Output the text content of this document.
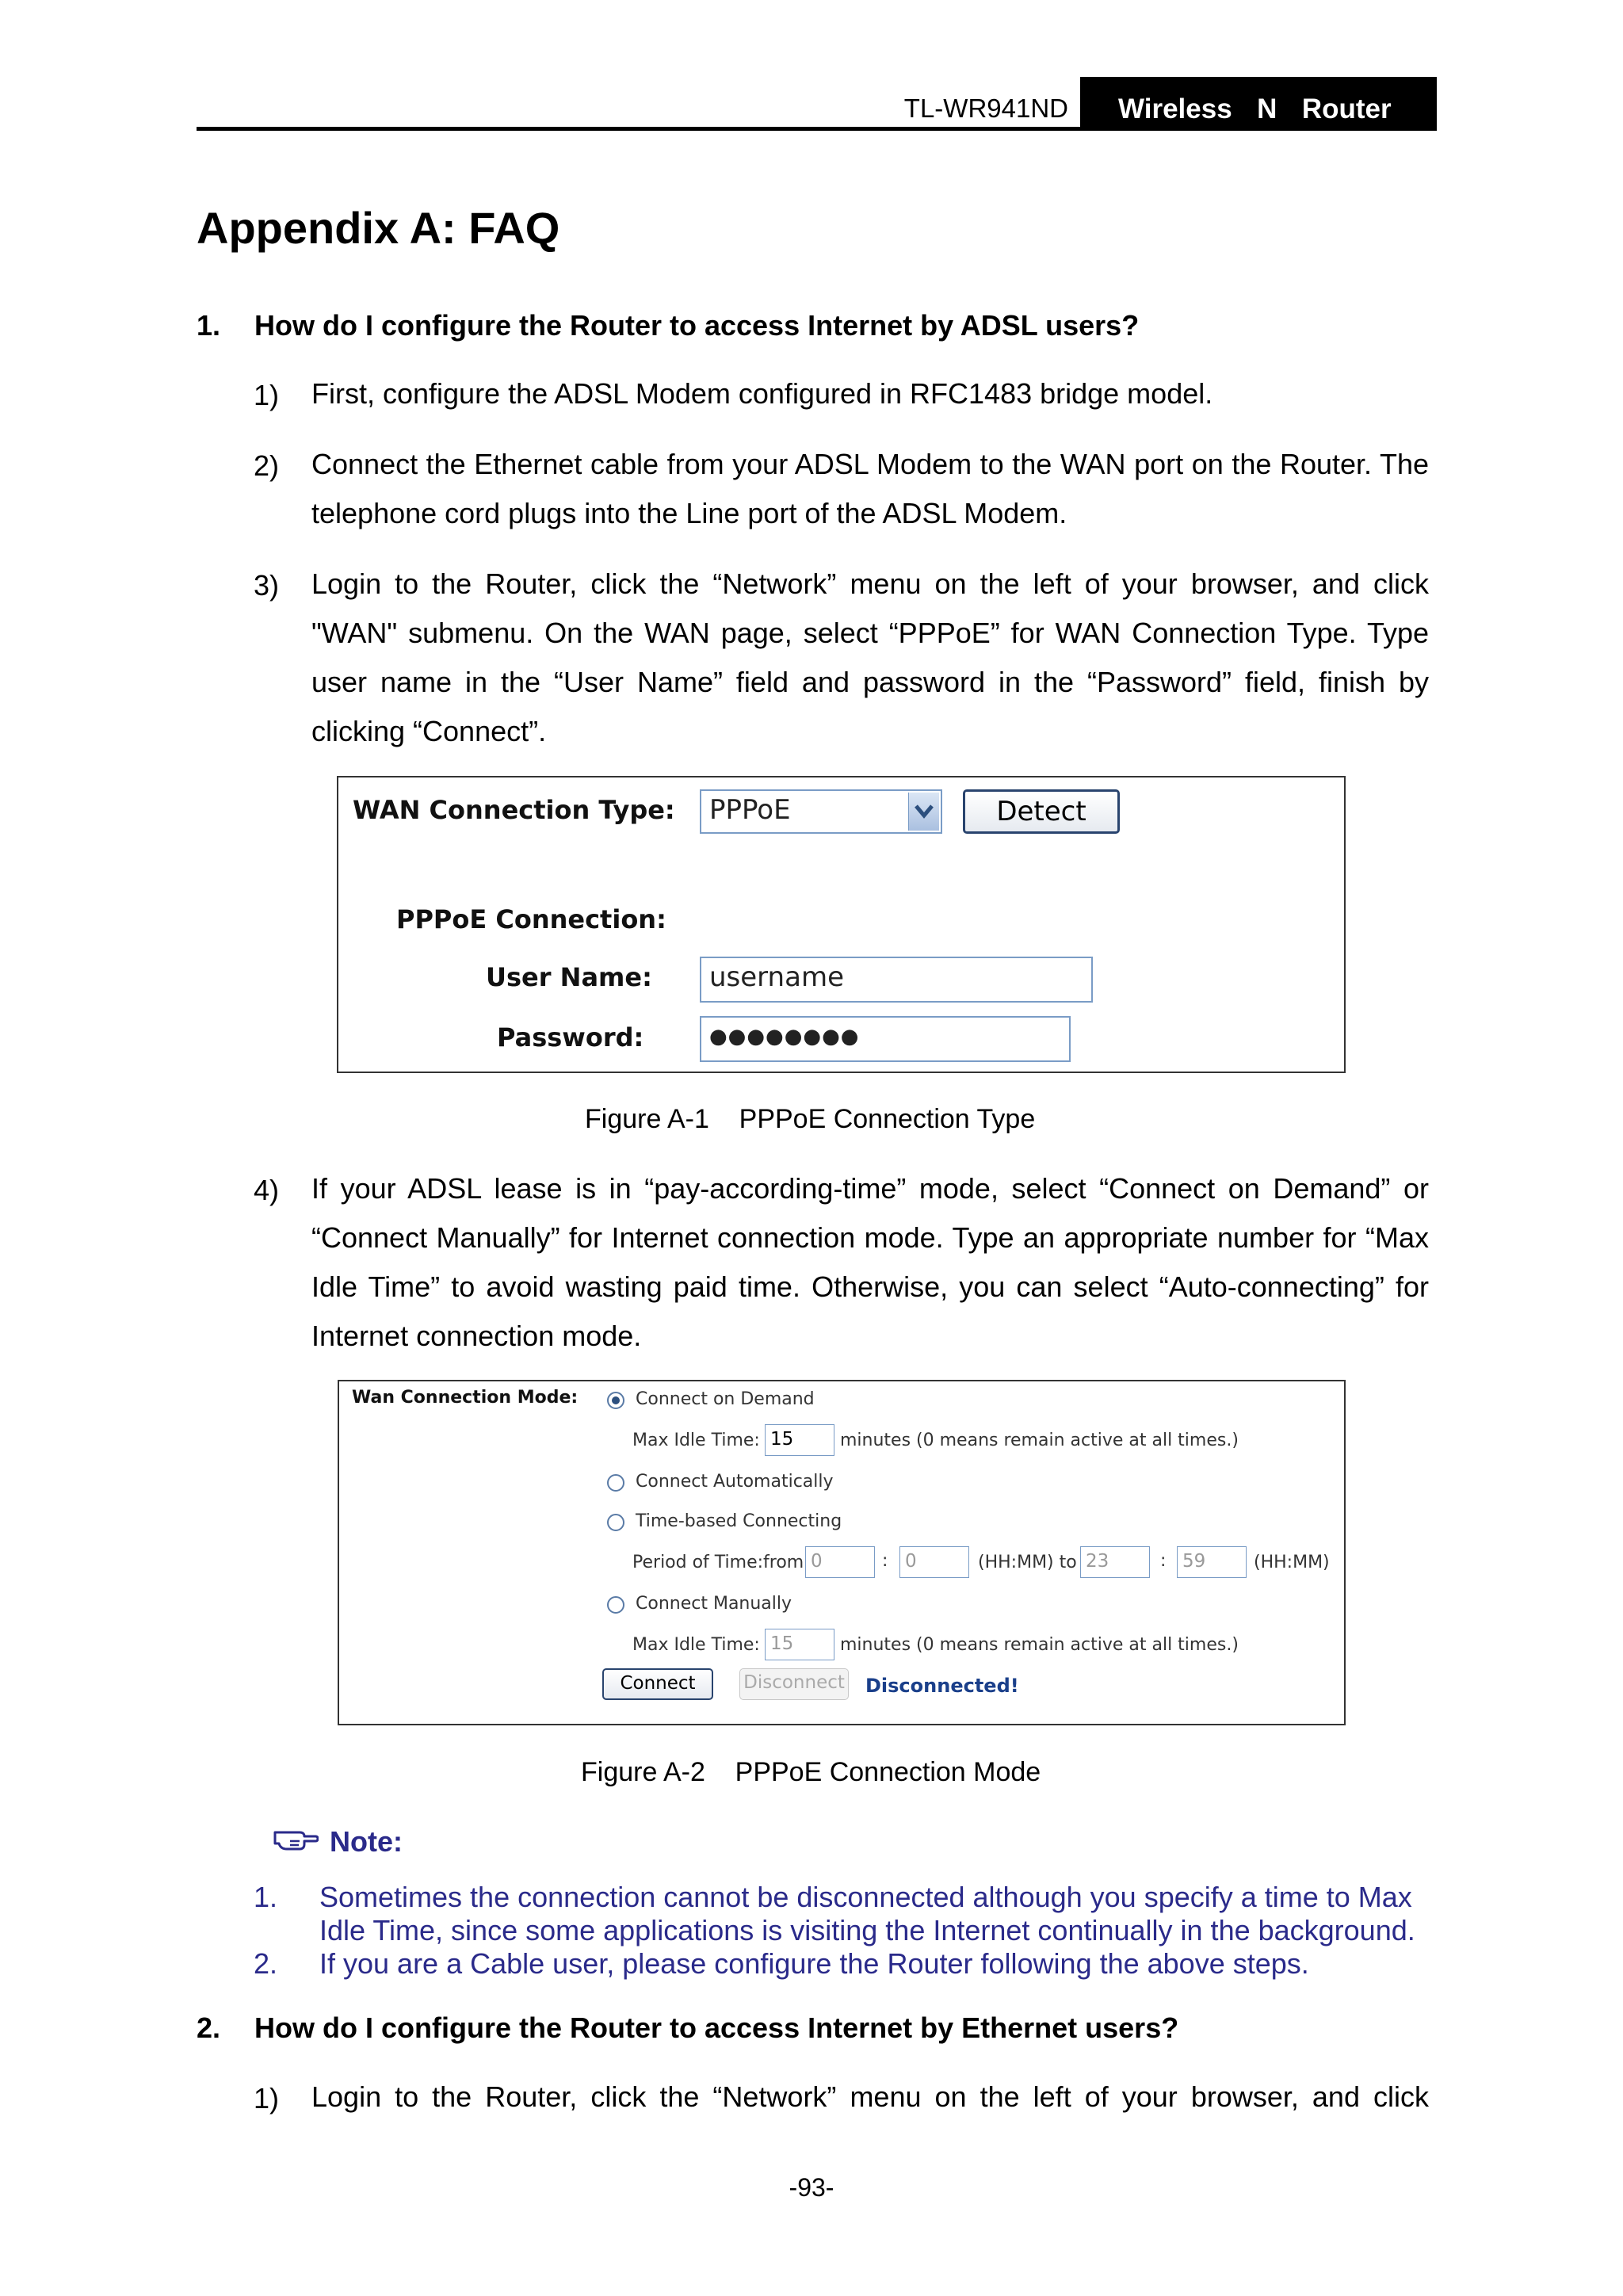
TL-WR941ND Wireless  N  Router
Appendix A: FAQ
1. How do I configure the Router to access Internet by ADSL users?
1) First, configure the ADSL Modem configured in RFC1483 bridge model.
2) Connect the Ethernet cable from your ADSL Modem to the WAN port on the Router. The telephone cord plugs into the Line port of the ADSL Modem.
3) Login to the Router, click the “Network” menu on the left of your browser, and click "WAN" submenu. On the WAN page, select “PPPoE” for WAN Connection Type. Type user name in the “User Name” field and password in the “Password” field, finish by clicking “Connect”.
WAN Connection Type:	PPPoE	Detect
PPPoE Connection:
User Name:	username
Password:	●●●●●●●●
Figure A-1    PPPoE Connection Type
4) If your ADSL lease is in “pay-according-time” mode, select “Connect on Demand” or “Connect Manually” for Internet connection mode. Type an appropriate number for “Max Idle Time” to avoid wasting paid time. Otherwise, you can select “Auto-connecting” for Internet connection mode.
Wan Connection Mode:	Connect on Demand
Max Idle Time: 15	minutes (0 means remain active at all times.)
Connect Automatically
Time-based Connecting
Period of Time:from 0	: 0	(HH:MM) to 23	: 59	(HH:MM)
Connect Manually
Max Idle Time: 15	minutes (0 means remain active at all times.)
Connect	Disconnect Disconnected!
Figure A-2    PPPoE Connection Mode
Note:
1. Sometimes the connection cannot be disconnected although you specify a time to Max
Idle Time, since some applications is visiting the Internet continually in the background.
2. If you are a Cable user, please configure the Router following the above steps.
2. How do I configure the Router to access Internet by Ethernet users?
1) Login to the Router, click the “Network” menu on the left of your browser, and click
-93-
